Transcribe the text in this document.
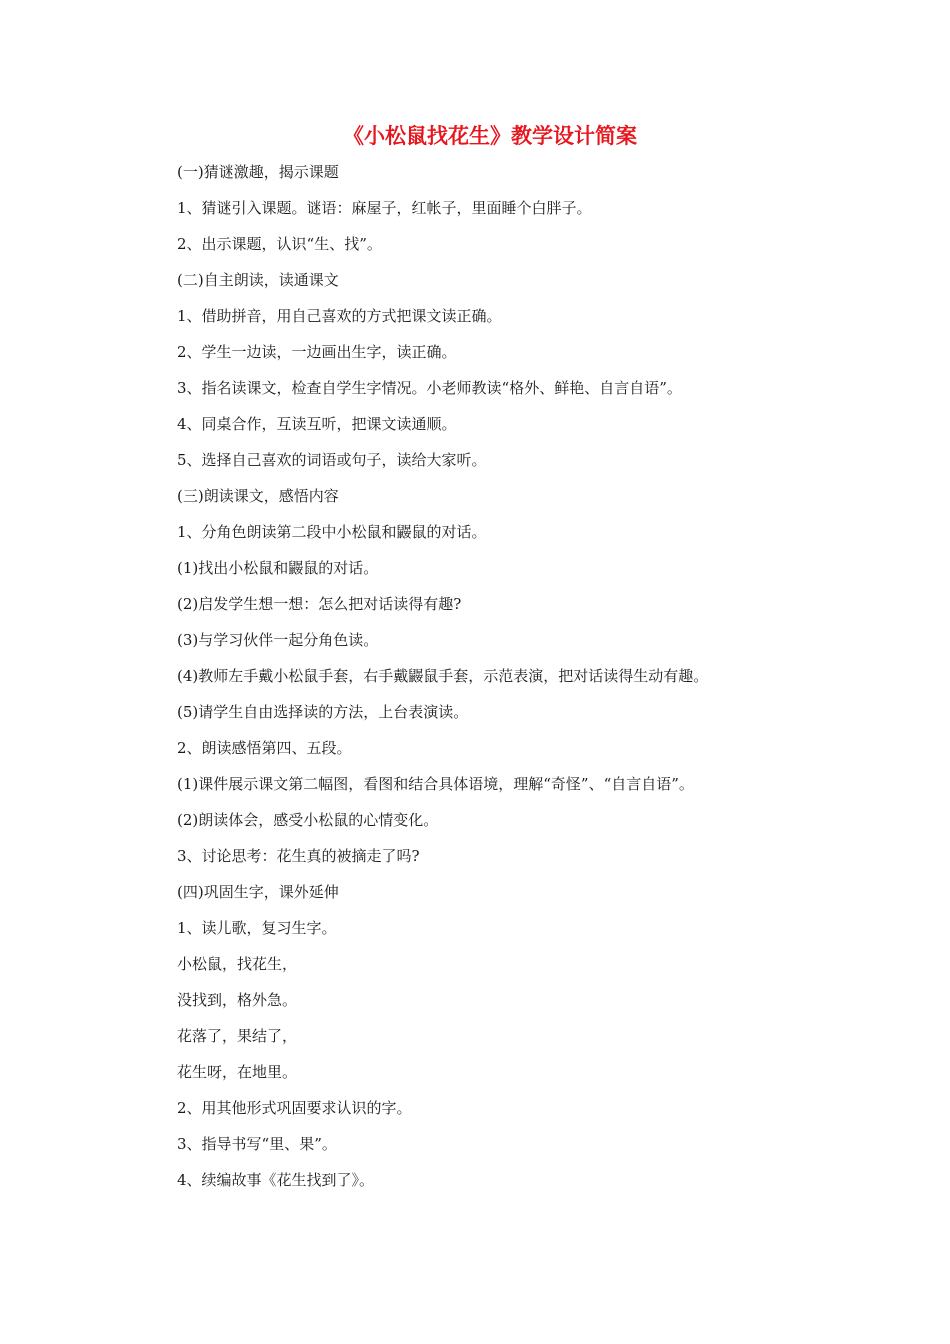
《小松鼠找花生》教学设计简案
(一)猜谜激趣，揭示课题
1、猜谜引入课题。谜语：麻屋子，红帐子，里面睡个白胖子。
2、出示课题，认识“生、找”。
(二)自主朗读，读通课文
1、借助拼音，用自己喜欢的方式把课文读正确。
2、学生一边读，一边画出生字，读正确。
3、指名读课文，检查自学生字情况。小老师教读“格外、鲜艳、自言自语”。
4、同桌合作，互读互听，把课文读通顺。
5、选择自己喜欢的词语或句子，读给大家听。
(三)朗读课文，感悟内容
1、分角色朗读第二段中小松鼠和鼹鼠的对话。
(1)找出小松鼠和鼹鼠的对话。
(2)启发学生想一想：怎么把对话读得有趣?
(3)与学习伙伴一起分角色读。
(4)教师左手戴小松鼠手套，右手戴鼹鼠手套，示范表演，把对话读得生动有趣。
(5)请学生自由选择读的方法，上台表演读。
2、朗读感悟第四、五段。
(1)课件展示课文第二幅图，看图和结合具体语境，理解“奇怪”、“自言自语”。
(2)朗读体会，感受小松鼠的心情变化。
3、讨论思考：花生真的被摘走了吗?
(四)巩固生字，课外延伸
1、读儿歌，复习生字。
小松鼠，找花生，
没找到，格外急。
花落了，果结了，
花生呀，在地里。
2、用其他形式巩固要求认识的字。
3、指导书写“里、果”。
4、续编故事《花生找到了》。
